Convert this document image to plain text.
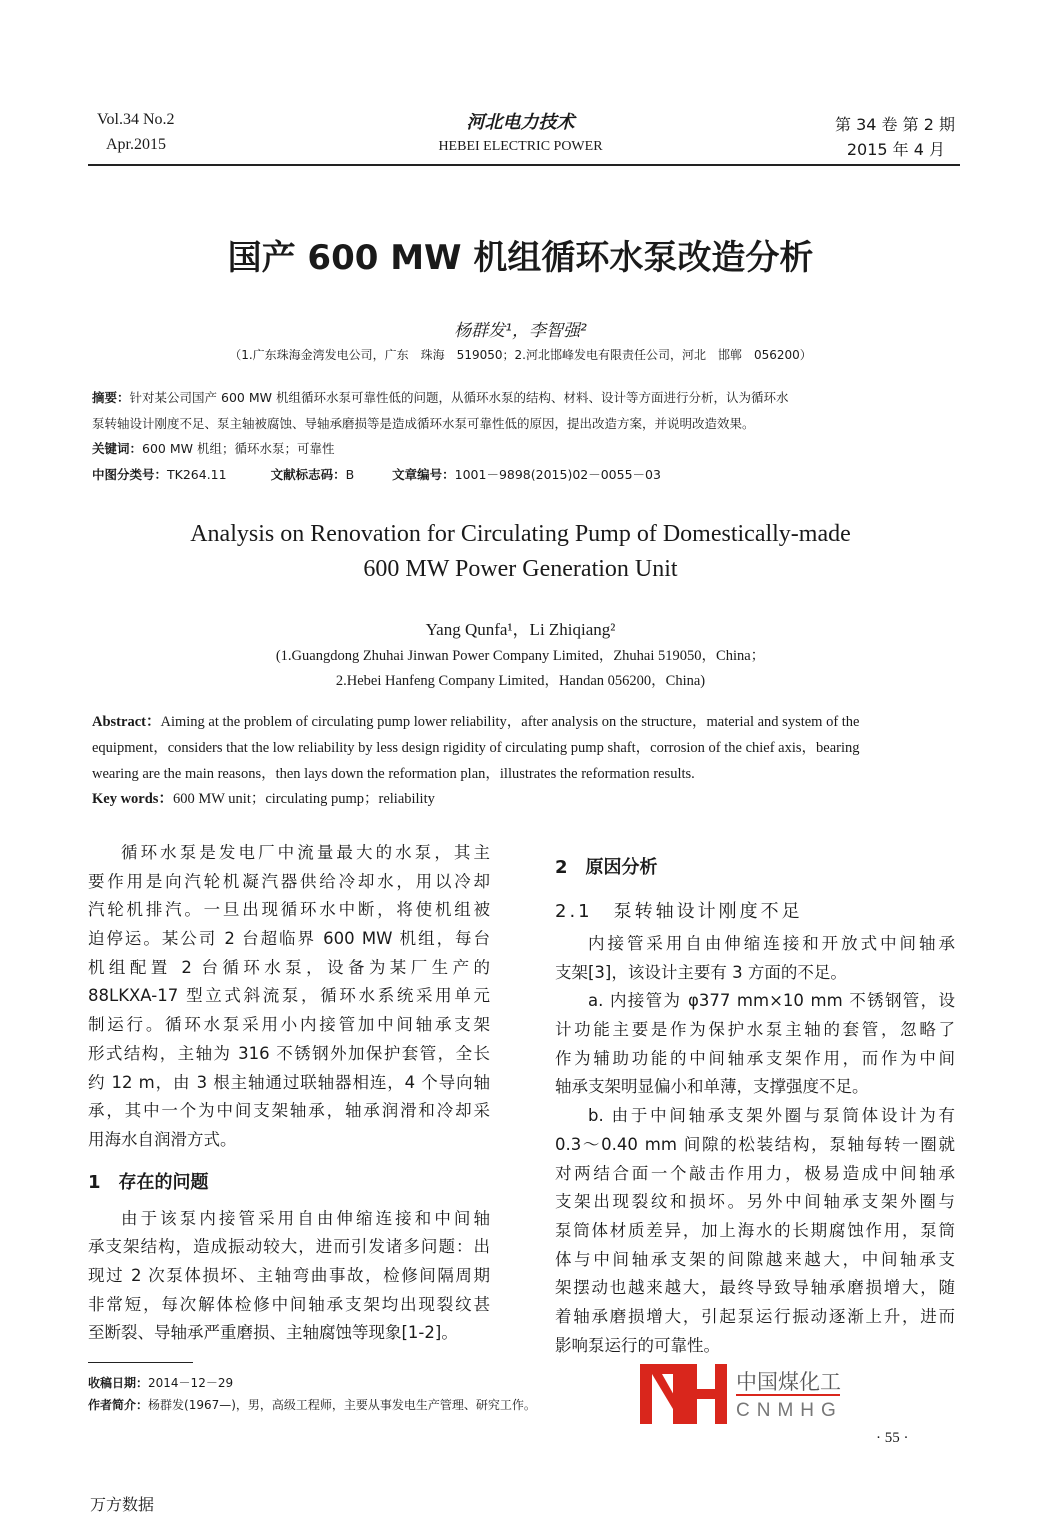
Vol.34 No.2
Apr.2015
河北电力技术
HEBEI ELECTRIC POWER
第 34 卷 第 2 期
2015 年 4 月
国产 600 MW 机组循环水泵改造分析
杨群发¹，李智强²
（1.广东珠海金湾发电公司，广东　珠海　519050；2.河北邯峰发电有限责任公司，河北　邯郸　056200）
摘要：针对某公司国产 600 MW 机组循环水泵可靠性低的问题，从循环水泵的结构、材料、设计等方面进行分析，认为循环水
泵转轴设计刚度不足、泵主轴被腐蚀、导轴承磨损等是造成循环水泵可靠性低的原因，提出改造方案，并说明改造效果。
关键词：600 MW 机组；循环水泵；可靠性
中图分类号：TK264.11	文献标志码：B	文章编号：1001－9898(2015)02－0055－03
Analysis on Renovation for Circulating Pump of Domestically-made
600 MW Power Generation Unit
Yang Qunfa¹，Li Zhiqiang²
(1.Guangdong Zhuhai Jinwan Power Company Limited，Zhuhai 519050，China；
2.Hebei Hanfeng Company Limited，Handan 056200，China)
Abstract：Aiming at the problem of circulating pump lower reliability，after analysis on the structure，material and system of the
equipment，considers that the low reliability by less design rigidity of circulating pump shaft，corrosion of the chief axis，bearing
wearing are the main reasons，then lays down the reformation plan，illustrates the reformation results.
Key words：600 MW unit；circulating pump；reliability
循环水泵是发电厂中流量最大的水泵，其主
要作用是向汽轮机凝汽器供给冷却水，用以冷却
汽轮机排汽。一旦出现循环水中断，将使机组被
迫停运。某公司 2 台超临界 600 MW 机组，每台
机组配置 2 台循环水泵，设备为某厂生产的
88LKXA-17 型立式斜流泵，循环水系统采用单元
制运行。循环水泵采用小内接管加中间轴承支架
形式结构，主轴为 316 不锈钢外加保护套管，全长
约 12 m，由 3 根主轴通过联轴器相连，4 个导向轴
承，其中一个为中间支架轴承，轴承润滑和冷却采
用海水自润滑方式。
1　存在的问题
由于该泵内接管采用自由伸缩连接和中间轴
承支架结构，造成振动较大，进而引发诸多问题：出
现过 2 次泵体损坏、主轴弯曲事故，检修间隔周期
非常短，每次解体检修中间轴承支架均出现裂纹甚
至断裂、导轴承严重磨损、主轴腐蚀等现象[1-2]。
2　原因分析
2.1　泵转轴设计刚度不足
内接管采用自由伸缩连接和开放式中间轴承
支架[3]，该设计主要有 3 方面的不足。
a. 内接管为 φ377 mm×10 mm 不锈钢管，设
计功能主要是作为保护水泵主轴的套管，忽略了
作为辅助功能的中间轴承支架作用，而作为中间
轴承支架明显偏小和单薄，支撑强度不足。
b. 由于中间轴承支架外圈与泵筒体设计为有
0.3～0.40 mm 间隙的松装结构，泵轴每转一圈就
对两结合面一个敲击作用力，极易造成中间轴承
支架出现裂纹和损坏。另外中间轴承支架外圈与
泵筒体材质差异，加上海水的长期腐蚀作用，泵筒
体与中间轴承支架的间隙越来越大，中间轴承支
架摆动也越来越大，最终导致导轴承磨损增大，随
着轴承磨损增大，引起泵运行振动逐渐上升，进而
影响泵运行的可靠性。
收稿日期：2014－12－29
作者简介：杨群发(1967—)，男，高级工程师，主要从事发电生产管理、研究工作。
中国煤化工
CNMHG
· 55 ·
万方数据
